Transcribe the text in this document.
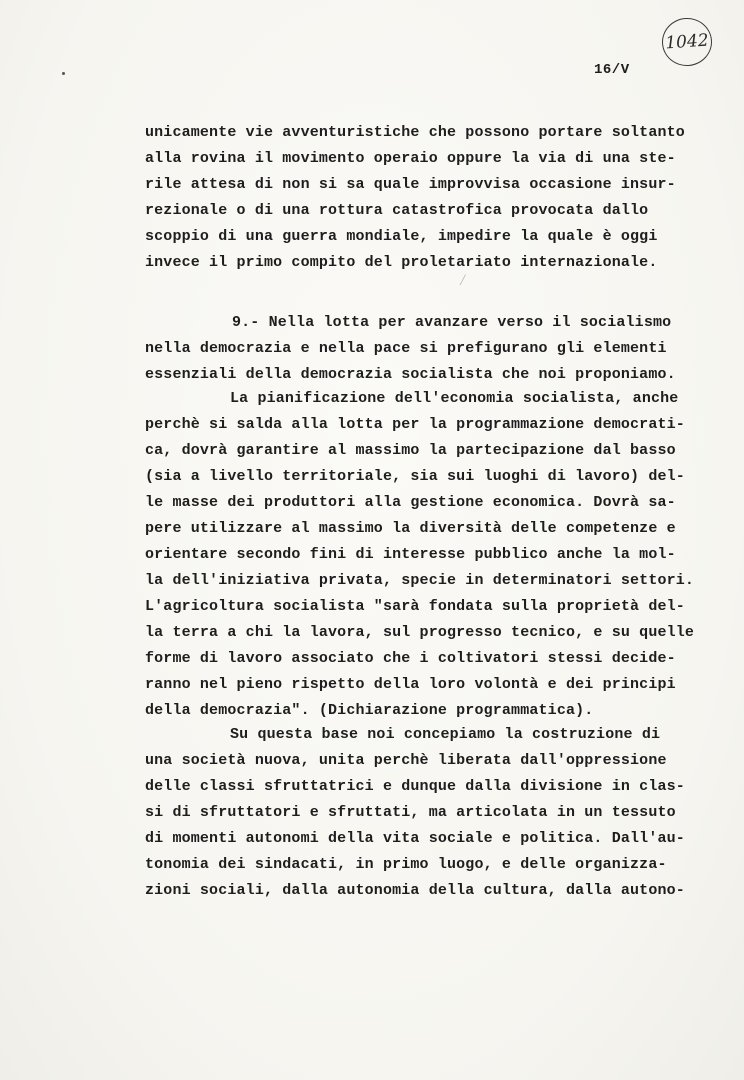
1042
16/V
⁄
unicamente vie avventuristiche che possono portare soltanto
alla rovina il movimento operaio oppure la via di una ste-
rile attesa di non si sa quale improvvisa occasione insur-
rezionale o di una rottura catastrofica provocata dallo
scoppio di una guerra mondiale, impedire la quale è oggi
invece il primo compito del proletariato internazionale.
9.- Nella lotta per avanzare verso il socialismo
nella democrazia e nella pace si prefigurano gli elementi
essenziali della democrazia socialista che noi proponiamo.
La pianificazione dell'economia socialista, anche
perchè si salda alla lotta per la programmazione democrati-
ca, dovrà garantire al massimo la partecipazione dal basso
(sia a livello territoriale, sia sui luoghi di lavoro) del-
le masse dei produttori alla gestione economica. Dovrà sa-
pere utilizzare al massimo la diversità delle competenze e
orientare secondo fini di interesse pubblico anche la mol-
la dell'iniziativa privata, specie in determinatori settori.
L'agricoltura socialista "sarà fondata sulla proprietà del-
la terra a chi la lavora, sul progresso tecnico, e su quelle
forme di lavoro associato che i coltivatori stessi decide-
ranno nel pieno rispetto della loro volontà e dei principi
della democrazia". (Dichiarazione programmatica).
Su questa base noi concepiamo la costruzione di
una società nuova, unita perchè liberata dall'oppressione
delle classi sfruttatrici e dunque dalla divisione in clas-
si di sfruttatori e sfruttati, ma articolata in un tessuto
di momenti autonomi della vita sociale e politica. Dall'au-
tonomia dei sindacati, in primo luogo, e delle organizza-
zioni sociali, dalla autonomia della cultura, dalla autono-
